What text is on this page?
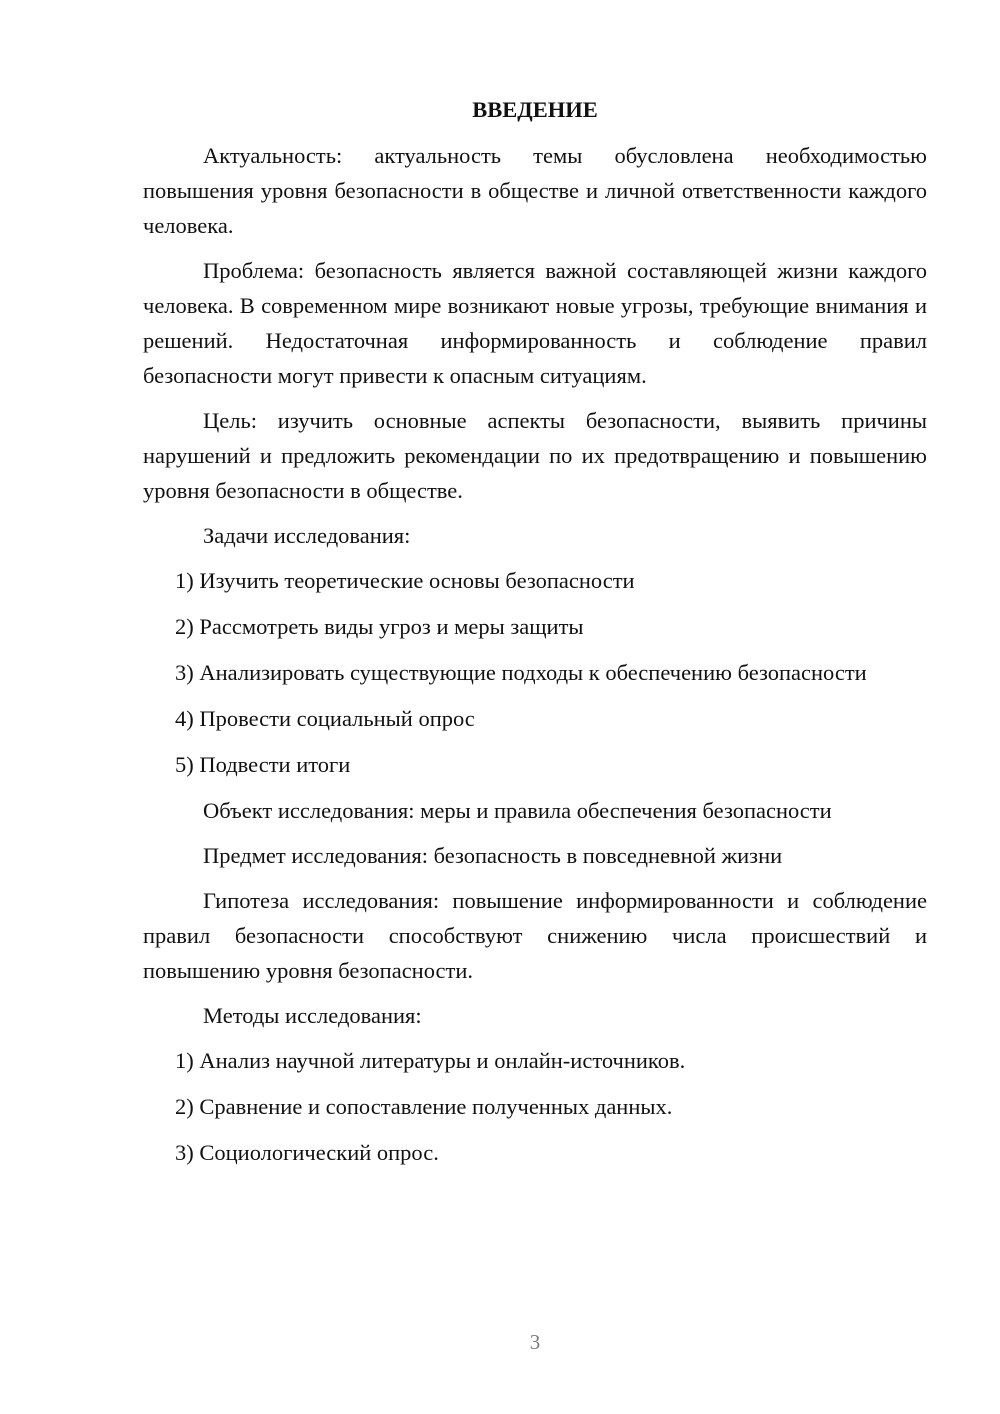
ВВЕДЕНИЕ

Актуальность: актуальность темы обусловлена необходимостью повышения уровня безопасности в обществе и личной ответственности каждого человека.

Проблема: безопасность является важной составляющей жизни каждого человека. В современном мире возникают новые угрозы, требующие внимания и решений. Недостаточная информированность и соблюдение правил безопасности могут привести к опасным ситуациям.

Цель: изучить основные аспекты безопасности, выявить причины нарушений и предложить рекомендации по их предотвращению и повышению уровня безопасности в обществе.

Задачи исследования:

1) Изучить теоретические основы безопасности

2) Рассмотреть виды угроз и меры защиты

3) Анализировать существующие подходы к обеспечению безопасности

4) Провести социальный опрос

5) Подвести итоги

Объект исследования: меры и правила обеспечения безопасности

Предмет исследования: безопасность в повседневной жизни

Гипотеза исследования: повышение информированности и соблюдение правил безопасности способствуют снижению числа происшествий и повышению уровня безопасности.

Методы исследования:

1) Анализ научной литературы и онлайн-источников.

2) Сравнение и сопоставление полученных данных.

3) Социологический опрос.

3
